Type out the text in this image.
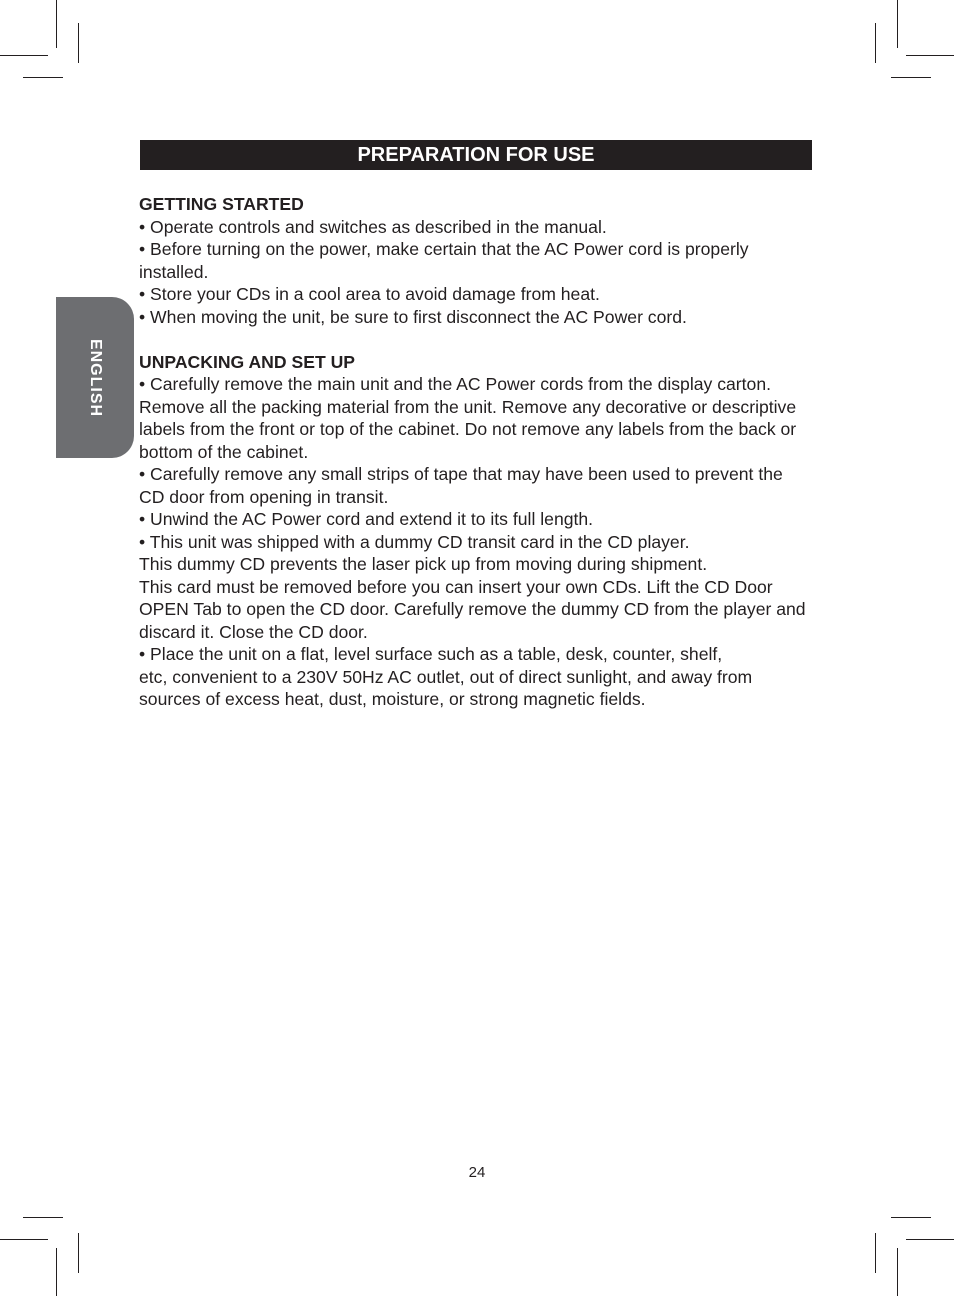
ENGLISH
PREPARATION FOR USE
GETTING STARTED

• Operate controls and switches as described in the manual.

• Before turning on the power, make certain that the AC Power cord is properly installed.

• Store your CDs in a cool area to avoid damage from heat.

• When moving the unit, be sure to first disconnect the AC Power cord.

UNPACKING AND SET UP

• Carefully remove the main unit and the AC Power cords from the display carton. Remove all the packing material from the unit. Remove any decorative or descriptive labels from the front or top of the cabinet. Do not remove any labels from the back or bottom of the cabinet.

• Carefully remove any small strips of tape that may have been used to prevent the CD door from opening in transit.

• Unwind the AC Power cord and extend it to its full length.

• This unit was shipped with a dummy CD transit card in the CD player.

This dummy CD prevents the laser pick up from moving during shipment.

This card must be removed before you can insert your own CDs. Lift the CD Door OPEN Tab to open the CD door. Carefully remove the dummy CD from the player and discard it. Close the CD door.

• Place the unit on a flat, level surface such as a table, desk, counter, shelf,

etc, convenient to a 230V 50Hz AC outlet, out of direct sunlight, and away from sources of excess heat, dust, moisture, or strong magnetic fields.

24
